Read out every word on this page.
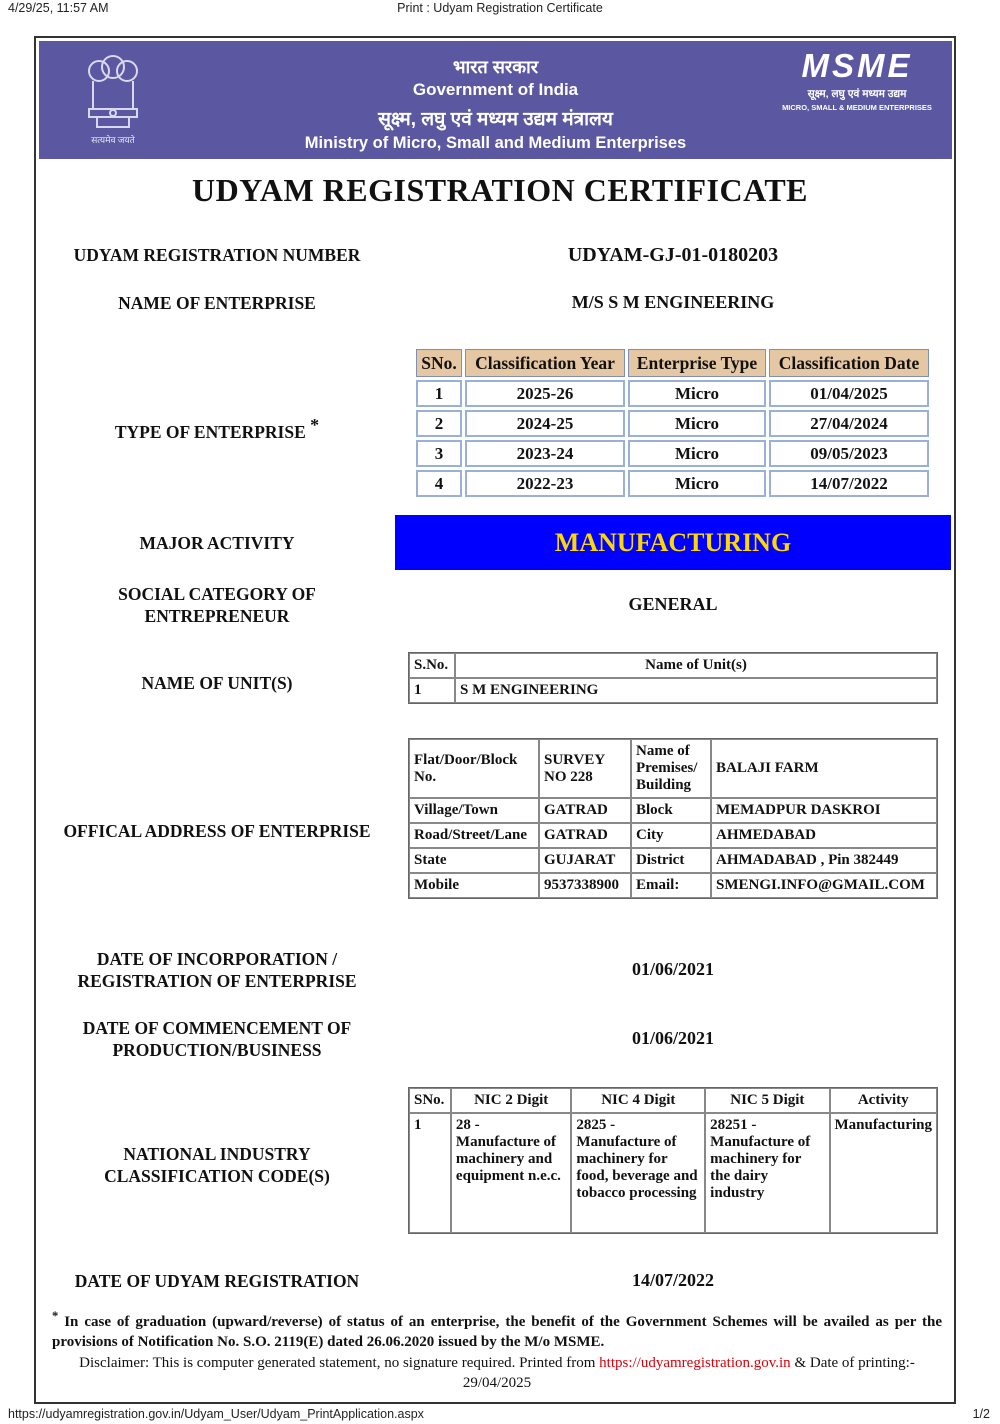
4/29/25, 11:57 AM	Print : Udyam Registration Certificate
सत्यमेव जयते
भारत सरकार
Government of India
सूक्ष्म, लघु एवं मध्यम उद्यम मंत्रालय
Ministry of Micro, Small and Medium Enterprises
MSME
सूक्ष्म, लघु एवं मध्यम उद्यम
MICRO, SMALL & MEDIUM ENTERPRISES
UDYAM REGISTRATION CERTIFICATE
UDYAM REGISTRATION NUMBER	UDYAM-GJ-01-0180203
NAME OF ENTERPRISE	M/S S M ENGINEERING
TYPE OF ENTERPRISE *
SNo.	Classification Year	Enterprise Type	Classification Date
1	2025-26	Micro	01/04/2025
2	2024-25	Micro	27/04/2024
3	2023-24	Micro	09/05/2023
4	2022-23	Micro	14/07/2022
MAJOR ACTIVITY	MANUFACTURING
SOCIAL CATEGORY OF
ENTREPRENEUR
GENERAL
NAME OF UNIT(S)
S.No.	Name of Unit(s)
1	S M ENGINEERING
OFFICAL ADDRESS OF ENTERPRISE
Flat/Door/Block No.	SURVEY NO 228	Name of Premises/ Building	BALAJI FARM
Village/Town	GATRAD	Block	MEMADPUR DASKROI
Road/Street/Lane	GATRAD	City	AHMEDABAD
State	GUJARAT	District	AHMADABAD , Pin 382449
Mobile	9537338900	Email:	SMENGI.INFO@GMAIL.COM
DATE OF INCORPORATION /
REGISTRATION OF ENTERPRISE
01/06/2021
DATE OF COMMENCEMENT OF
PRODUCTION/BUSINESS
01/06/2021
NATIONAL INDUSTRY
CLASSIFICATION CODE(S)
SNo.	NIC 2 Digit	NIC 4 Digit	NIC 5 Digit	Activity
1	28 - Manufacture of machinery and equipment n.e.c.	2825 - Manufacture of machinery for food, beverage and tobacco processing	28251 - Manufacture of machinery for the dairy industry	Manufacturing
DATE OF UDYAM REGISTRATION	14/07/2022
* In case of graduation (upward/reverse) of status of an enterprise, the benefit of the Government Schemes will be availed as per the provisions of Notification No. S.O. 2119(E) dated 26.06.2020 issued by the M/o MSME.
Disclaimer: This is computer generated statement, no signature required. Printed from https://udyamregistration.gov.in & Date of printing:-
29/04/2025
https://udyamregistration.gov.in/Udyam_User/Udyam_PrintApplication.aspx	1/2
